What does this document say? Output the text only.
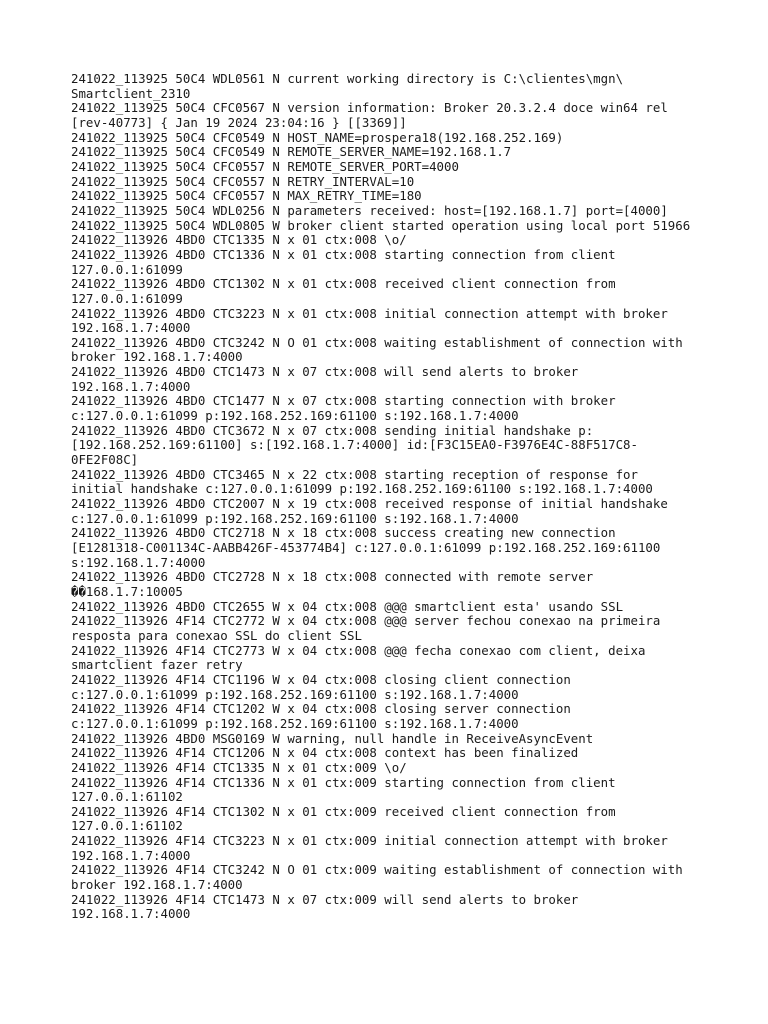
241022_113925 50C4 WDL0561 N current working directory is C:\clientes\mgn\
Smartclient_2310
241022_113925 50C4 CFC0567 N version information: Broker 20.3.2.4 doce win64 rel
[rev-40773] { Jan 19 2024 23:04:16 } [[3369]]
241022_113925 50C4 CFC0549 N HOST_NAME=prospera18(192.168.252.169)
241022_113925 50C4 CFC0549 N REMOTE_SERVER_NAME=192.168.1.7
241022_113925 50C4 CFC0557 N REMOTE_SERVER_PORT=4000
241022_113925 50C4 CFC0557 N RETRY_INTERVAL=10
241022_113925 50C4 CFC0557 N MAX_RETRY_TIME=180
241022_113925 50C4 WDL0256 N parameters received: host=[192.168.1.7] port=[4000]
241022_113925 50C4 WDL0805 W broker client started operation using local port 51966
241022_113926 4BD0 CTC1335 N x 01 ctx:008 \o/
241022_113926 4BD0 CTC1336 N x 01 ctx:008 starting connection from client
127.0.0.1:61099
241022_113926 4BD0 CTC1302 N x 01 ctx:008 received client connection from
127.0.0.1:61099
241022_113926 4BD0 CTC3223 N x 01 ctx:008 initial connection attempt with broker
192.168.1.7:4000
241022_113926 4BD0 CTC3242 N O 01 ctx:008 waiting establishment of connection with
broker 192.168.1.7:4000
241022_113926 4BD0 CTC1473 N x 07 ctx:008 will send alerts to broker
192.168.1.7:4000
241022_113926 4BD0 CTC1477 N x 07 ctx:008 starting connection with broker
c:127.0.0.1:61099 p:192.168.252.169:61100 s:192.168.1.7:4000
241022_113926 4BD0 CTC3672 N x 07 ctx:008 sending initial handshake p:
[192.168.252.169:61100] s:[192.168.1.7:4000] id:[F3C15EA0-F3976E4C-88F517C8-
0FE2F08C]
241022_113926 4BD0 CTC3465 N x 22 ctx:008 starting reception of response for
initial handshake c:127.0.0.1:61099 p:192.168.252.169:61100 s:192.168.1.7:4000
241022_113926 4BD0 CTC2007 N x 19 ctx:008 received response of initial handshake
c:127.0.0.1:61099 p:192.168.252.169:61100 s:192.168.1.7:4000
241022_113926 4BD0 CTC2718 N x 18 ctx:008 success creating new connection
[E1281318-C001134C-AABB426F-453774B4] c:127.0.0.1:61099 p:192.168.252.169:61100
s:192.168.1.7:4000
241022_113926 4BD0 CTC2728 N x 18 ctx:008 connected with remote server
��168.1.7:10005
241022_113926 4BD0 CTC2655 W x 04 ctx:008 @@@ smartclient esta' usando SSL
241022_113926 4F14 CTC2772 W x 04 ctx:008 @@@ server fechou conexao na primeira
resposta para conexao SSL do client SSL
241022_113926 4F14 CTC2773 W x 04 ctx:008 @@@ fecha conexao com client, deixa
smartclient fazer retry
241022_113926 4F14 CTC1196 W x 04 ctx:008 closing client connection
c:127.0.0.1:61099 p:192.168.252.169:61100 s:192.168.1.7:4000
241022_113926 4F14 CTC1202 W x 04 ctx:008 closing server connection
c:127.0.0.1:61099 p:192.168.252.169:61100 s:192.168.1.7:4000
241022_113926 4BD0 MSG0169 W warning, null handle in ReceiveAsyncEvent
241022_113926 4F14 CTC1206 N x 04 ctx:008 context has been finalized
241022_113926 4F14 CTC1335 N x 01 ctx:009 \o/
241022_113926 4F14 CTC1336 N x 01 ctx:009 starting connection from client
127.0.0.1:61102
241022_113926 4F14 CTC1302 N x 01 ctx:009 received client connection from
127.0.0.1:61102
241022_113926 4F14 CTC3223 N x 01 ctx:009 initial connection attempt with broker
192.168.1.7:4000
241022_113926 4F14 CTC3242 N O 01 ctx:009 waiting establishment of connection with
broker 192.168.1.7:4000
241022_113926 4F14 CTC1473 N x 07 ctx:009 will send alerts to broker
192.168.1.7:4000
